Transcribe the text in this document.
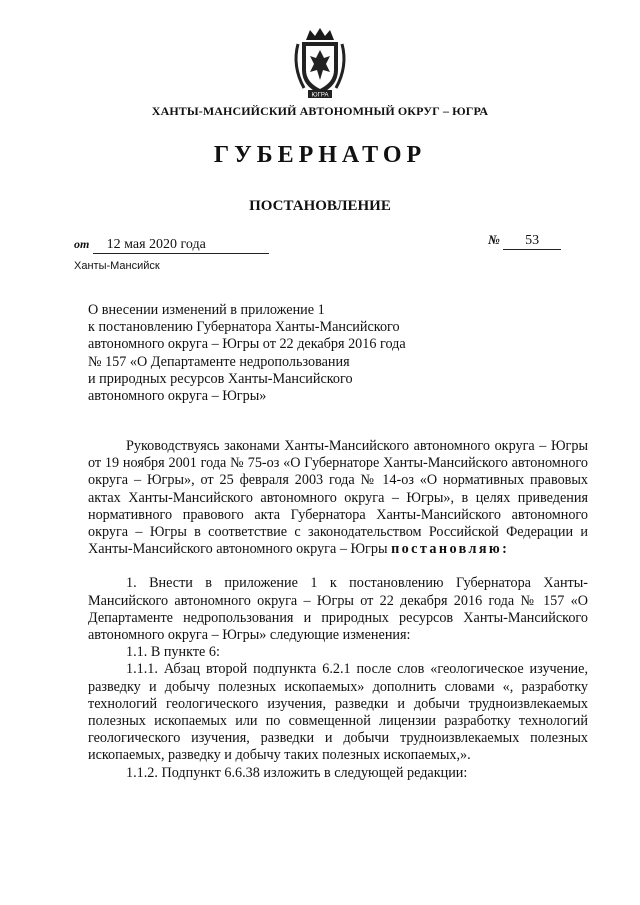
ЮГРА
ХАНТЫ-МАНСИЙСКИЙ АВТОНОМНЫЙ ОКРУГ – ЮГРА
ГУБЕРНАТОР
ПОСТАНОВЛЕНИЕ
от 12 мая 2020 года	№ 53
Ханты-Мансийск
О внесении изменений в приложение 1
к постановлению Губернатора Ханты-Мансийского
автономного округа – Югры от 22 декабря 2016 года
№ 157 «О Департаменте недропользования
и природных ресурсов Ханты-Мансийского
автономного округа – Югры»

Руководствуясь законами Ханты-Мансийского автономного округа – Югры от 19 ноября 2001 года № 75-оз «О Губернаторе Ханты-Мансийского автономного округа – Югры», от 25 февраля 2003 года № 14-оз «О нормативных правовых актах Ханты-Мансийского автономного округа – Югры», в целях приведения нормативного правового акта Губернатора Ханты-Мансийского автономного округа – Югры в соответствие с законодательством Российской Федерации и Ханты-Мансийского автономного округа – Югры постановляю:

1. Внести в приложение 1 к постановлению Губернатора Ханты-Мансийского автономного округа – Югры от 22 декабря 2016 года № 157 «О Департаменте недропользования и природных ресурсов Ханты-Мансийского автономного округа – Югры» следующие изменения:

1.1. В пункте 6:

1.1.1. Абзац второй подпункта 6.2.1 после слов «геологическое изучение, разведку и добычу полезных ископаемых» дополнить словами «, разработку технологий геологического изучения, разведки и добычи трудноизвлекаемых полезных ископаемых или по совмещенной лицензии разработку технологий геологического изучения, разведки и добычи трудноизвлекаемых полезных ископаемых, разведку и добычу таких полезных ископаемых,».

1.1.2. Подпункт 6.6.38 изложить в следующей редакции:
